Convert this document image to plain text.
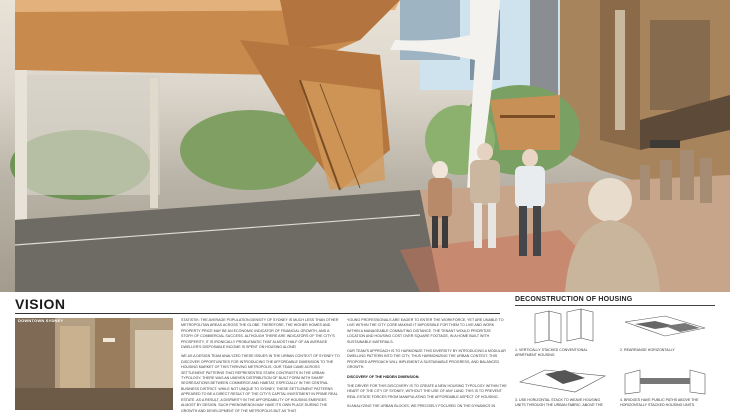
VISION
DOWNTOWN SYDNEY	STATISTIK: THE AVERAGE POPULATION DENSITY OF SYDNEY IS MUCH LESS THAN OTHER METROPOLITAN AREAS ACROSS THE GLOBE. THEREFORE, THE HIGHER HOMES AND PROPERTY PRICE MAY BE AN ECONOMIC INDICATOR OF FINANCIAL GROWTH, AND A STORY OF COMMERCIAL SUCCESS. ALTHOUGH THERE ARE INDICATORS OF THE CITY'S PROSPERITY, IT IS IRONICALLY PROBLEMATIC THAT ALMOST HALF OF AN AVERAGE DWELLER'S DISPOSABLE INCOME IS SPENT ON HOUSING ALONE!

WE AS A DESIGN TEAM ANALYZED THESE ISSUES IN THE URBAN CONTEXT OF SYDNEY TO DISCOVER OPPORTUNITIES FOR INTRODUCING THE AFFORDABLE DIMENSION TO THE HOUSING MARKET OF THIS THRIVING METROPOLIS. OUR TEAM CAME ACROSS SETTLEMENT PATTERNS THAT REPRESENTED STARK CONTRASTS IN THE URBAN TYPOLOGY. THERE WAS AN UNEVEN DISTRIBUTION OF BUILT FORM WITH SHARP SEGREGATIONS BETWEEN COMMERCE AND HABITAT, ESPECIALLY IN THE CENTRAL BUSINESS DISTRICT. WHILE NOT UNIQUE TO SYDNEY, THESE SETTLEMENT PATTERNS APPEARED TO BE A DIRECT RESULT OF THE CITY'S CAPITAL INVESTMENT IN PRIME REAL ESTATE. AS A RESULT, A DISPARITY IN THE AFFORDABILITY OF HOUSING EMERGES ALMOST BY DESIGN. SUCH PHENOMENON MAY HAVE ITS OWN PLACE DURING THE GROWTH AND DEVELOPMENT OF THE METROPOLIS BUT AS THAT

YOUNG PROFESSIONALS ARE EAGER TO ENTER THE WORKFORCE, YET ARE UNABLE TO LIVE WITHIN THE CITY CORE MAKING IT IMPOSSIBLE FOR THEM TO LIVE AND WORK WITHIN A MANAGEABLE COMMUTING DISTANCE. THE TENANT WOULD PRIORITIZE LOCATION AND HOUSING COST OVER SQUARE FOOTAGE, IN A HOME BUILT WITH SUSTAINABLE MATERIALS.

OUR TEAM'S APPROACH IS TO HARMONIZE THIS DIVERSITY BY INTRODUCING A MODULAR DWELLING PATTERN INTO THE CITY, THUS HARMONIZING THE URBAN CONTEXT. THIS PROPOSED APPROACH WILL IMPLEMENT A SUSTAINABLE PROGRESS, AND BALANCED GROWTH.

DISCOVERY OF THE HIDDEN DIMENSION:

THE DRIVER FOR THIS DISCOVERY IS TO CREATE A NEW HOUSING TYPOLOGY WITHIN THE HEART OF THE CITY OF SYDNEY, WITHOUT THE USE OF ANY LAND. THIS IS TO PREVENT REAL ESTATE FORCES FROM MANIPULATING THE AFFORDABLE ASPECT OF HOUSING.

IN ANALYZING THE URBAN BLOCKS, WE PRECISELY FOCUSED ON THE DYNAMICS IN

DECONSTRUCTION OF HOUSING
1. VERTICALLY STACKED CONVENTIONAL APARTMENT HOUSING
2. REARRANGE HORIZONTALLY
3. USE HORIZONTAL STACK TO WEAVE HOUSING UNITS THROUGH THE URBAN FABRIC, ABOVE THE
4. BRIDGES HAVE PUBLIC PATHS ABOVE THE HORIZONTALLY STACKED HOUSING UNITS
